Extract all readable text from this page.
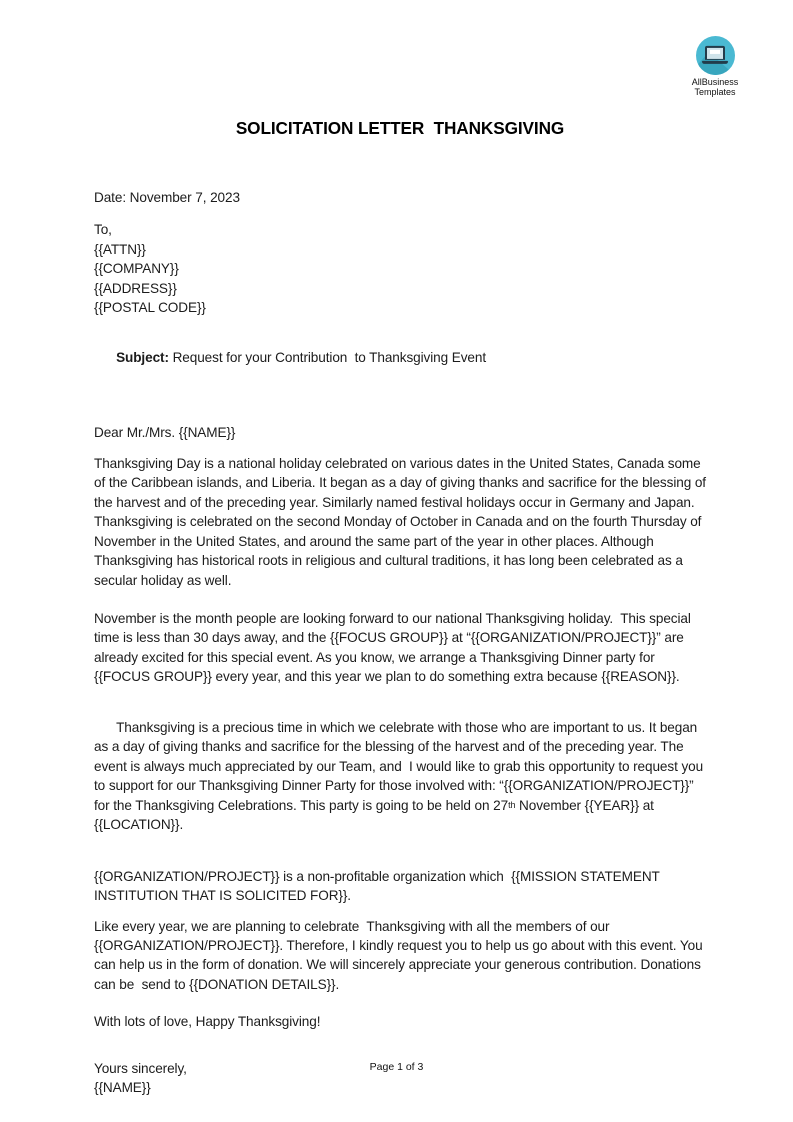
AllBusiness
Templates
SOLICITATION LETTER  THANKSGIVING
Date: November 7, 2023
To,
{{ATTN}}
{{COMPANY}}
{{ADDRESS}}
{{POSTAL CODE}}

Subject: Request for your Contribution  to Thanksgiving Event

Dear Mr./Mrs. {{NAME}}
Thanksgiving Day is a national holiday celebrated on various dates in the United States, Canada some of the Caribbean islands, and Liberia. It began as a day of giving thanks and sacrifice for the blessing of the harvest and of the preceding year. Similarly named festival holidays occur in Germany and Japan. Thanksgiving is celebrated on the second Monday of October in Canada and on the fourth Thursday of November in the United States, and around the same part of the year in other places. Although Thanksgiving has historical roots in religious and cultural traditions, it has long been celebrated as a secular holiday as well.
November is the month people are looking forward to our national Thanksgiving holiday.  This special time is less than 30 days away, and the {{FOCUS GROUP}} at “{{ORGANIZATION/PROJECT}}” are already excited for this special event. As you know, we arrange a Thanksgiving Dinner party for {{FOCUS GROUP}} every year, and this year we plan to do something extra because {{REASON}}.

Thanksgiving is a precious time in which we celebrate with those who are important to us. It began as a day of giving thanks and sacrifice for the blessing of the harvest and of the preceding year. The event is always much appreciated by our Team, and  I would like to grab this opportunity to request you to support for our Thanksgiving Dinner Party for those involved with: “{{ORGANIZATION/PROJECT}}” for the Thanksgiving Celebrations. This party is going to be held on 27th November {{YEAR}} at {{LOCATION}}.

{{ORGANIZATION/PROJECT}} is a non-profitable organization which  {{MISSION STATEMENT INSTITUTION THAT IS SOLICITED FOR}}.
Like every year, we are planning to celebrate  Thanksgiving with all the members of our {{ORGANIZATION/PROJECT}}. Therefore, I kindly request you to help us go about with this event. You can help us in the form of donation. We will sincerely appreciate your generous contribution. Donations can be  send to {{DONATION DETAILS}}.
With lots of love, Happy Thanksgiving!
Yours sincerely,
{{NAME}}
Page 1 of 3
